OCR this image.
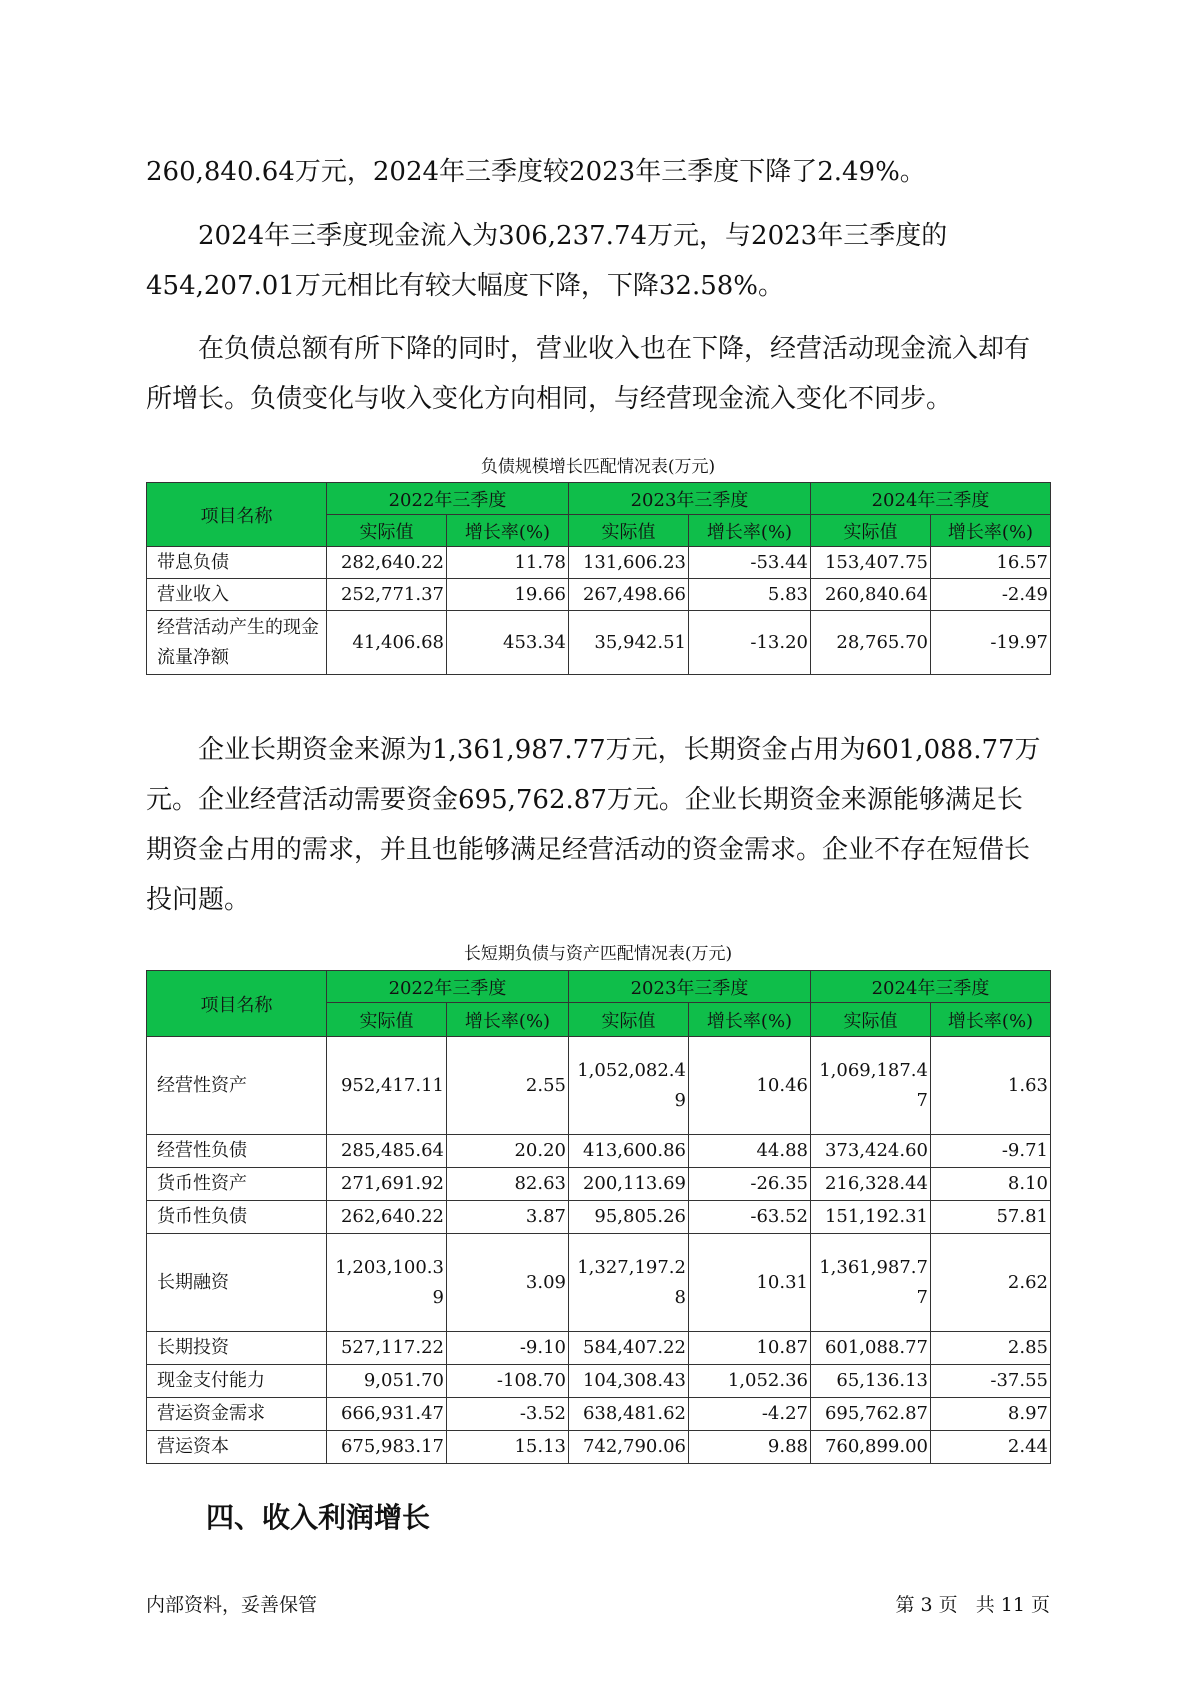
260,840.64万元，2024年三季度较2023年三季度下降了2.49%。

2024年三季度现金流入为306,237.74万元，与2023年三季度的454,207.01万元相比有较大幅度下降，下降32.58%。

在负债总额有所下降的同时，营业收入也在下降，经营活动现金流入却有所增长。负债变化与收入变化方向相同，与经营现金流入变化不同步。

负债规模增长匹配情况表(万元)
项目名称	2022年三季度		2023年三季度		2024年三季度	
	实际值	增长率(%)	实际值	增长率(%)	实际值	增长率(%)
带息负债	282,640.22	11.78	131,606.23	-53.44	153,407.75	16.57
营业收入	252,771.37	19.66	267,498.66	5.83	260,840.64	-2.49
经营活动产生的现金流量净额	41,406.68	453.34	35,942.51	-13.20	28,765.70	-19.97

企业长期资金来源为1,361,987.77万元，长期资金占用为601,088.77万元。企业经营活动需要资金695,762.87万元。企业长期资金来源能够满足长期资金占用的需求，并且也能够满足经营活动的资金需求。企业不存在短借长投问题。

长短期负债与资产匹配情况表(万元)
项目名称	2022年三季度		2023年三季度		2024年三季度	
	实际值	增长率(%)	实际值	增长率(%)	实际值	增长率(%)
经营性资产	952,417.11	2.55	1,052,082.49	10.46	1,069,187.47	1.63
经营性负债	285,485.64	20.20	413,600.86	44.88	373,424.60	-9.71
货币性资产	271,691.92	82.63	200,113.69	-26.35	216,328.44	8.10
货币性负债	262,640.22	3.87	95,805.26	-63.52	151,192.31	57.81
长期融资	1,203,100.39	3.09	1,327,197.28	10.31	1,361,987.77	2.62
长期投资	527,117.22	-9.10	584,407.22	10.87	601,088.77	2.85
现金支付能力	9,051.70	-108.70	104,308.43	1,052.36	65,136.13	-37.55
营运资金需求	666,931.47	-3.52	638,481.62	-4.27	695,762.87	8.97
营运资本	675,983.17	15.13	742,790.06	9.88	760,899.00	2.44
四、收入利润增长
内部资料，妥善保管	第 3 页   共 11 页
